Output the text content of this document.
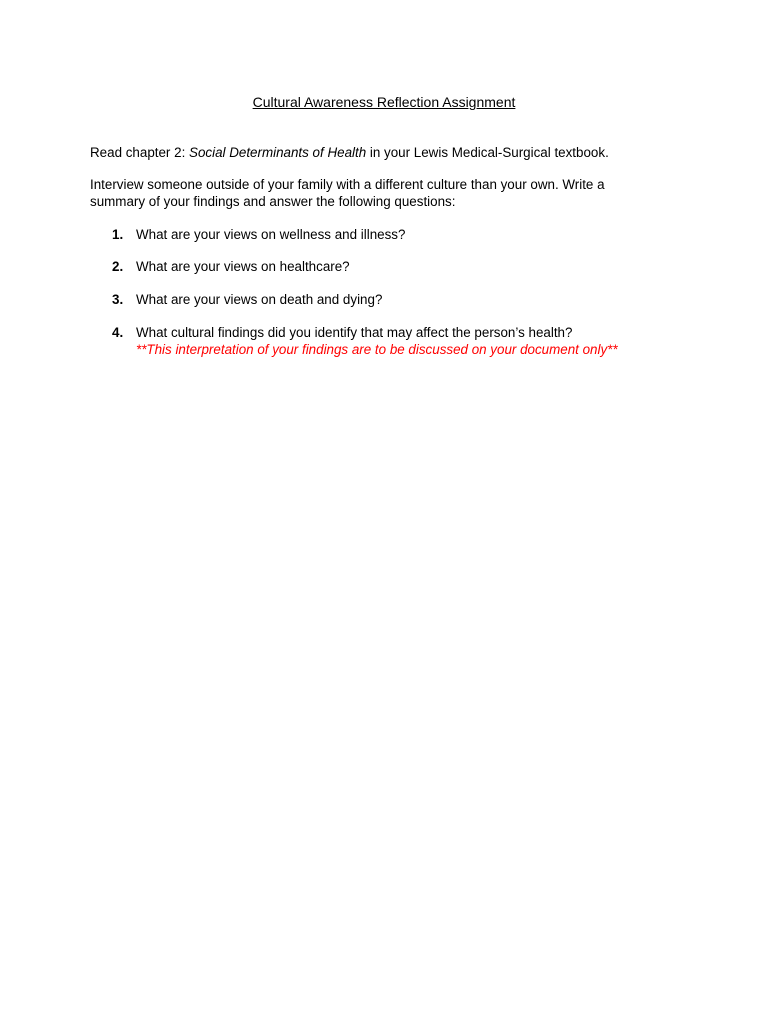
Cultural Awareness Reflection Assignment
Read chapter 2: Social Determinants of Health in your Lewis Medical-Surgical textbook.
Interview someone outside of your family with a different culture than your own. Write a summary of your findings and answer the following questions:
1. What are your views on wellness and illness?
2. What are your views on healthcare?
3. What are your views on death and dying?
4. What cultural findings did you identify that may affect the person’s health?
**This interpretation of your findings are to be discussed on your document only**
